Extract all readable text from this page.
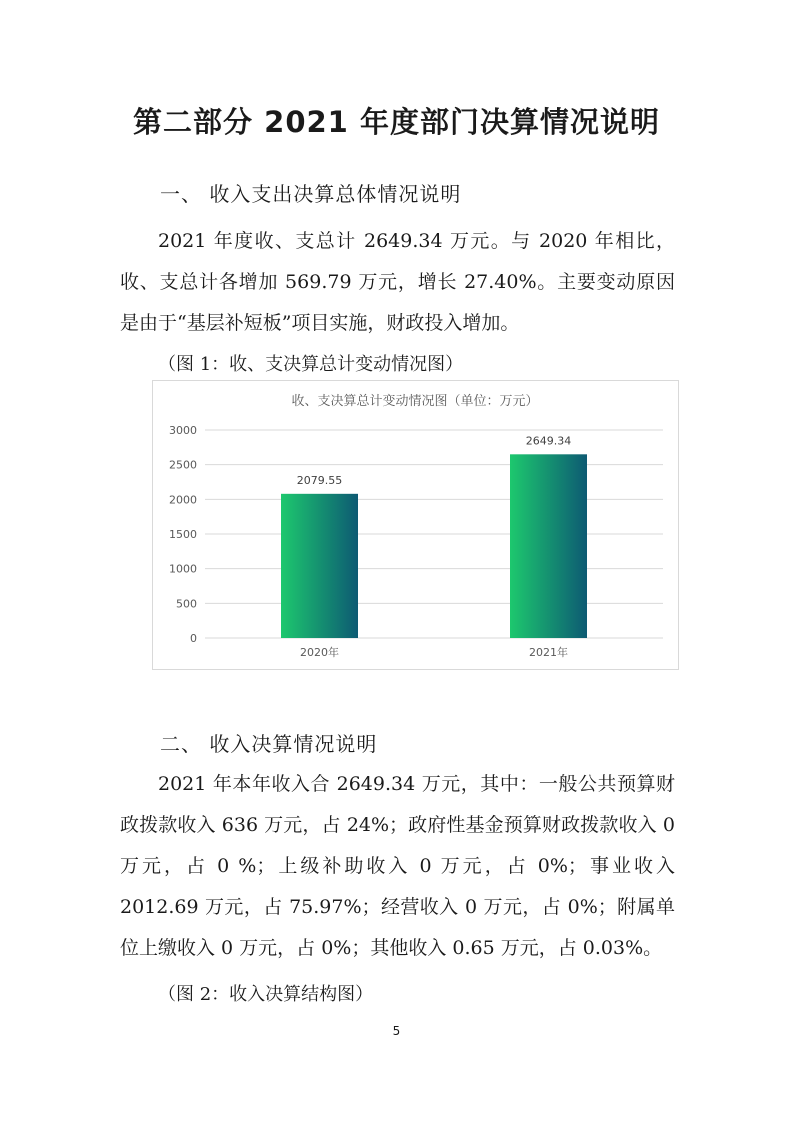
第二部分 2021 年度部门决算情况说明
一、 收入支出决算总体情况说明

2021 年度收、支总计 2649.34 万元。与 2020 年相比，收、支总计各增加 569.79 万元，增长 27.40%。主要变动原因是由于“基层补短板”项目实施，财政投入增加。

（图 1：收、支决算总计变动情况图）
收、支决算总计变动情况图（单位：万元）
0
500
1000
1500
2000
2500
3000
2079.55
2020年
2649.34
2021年
二、 收入决算情况说明

2021 年本年收入合 2649.34 万元，其中：一般公共预算财政拨款收入 636 万元，占 24%；政府性基金预算财政拨款收入 0 万元，占 0 %；上级补助收入 0 万元，占 0%；事业收入 2012.69 万元，占 75.97%；经营收入 0 万元，占 0%；附属单位上缴收入 0 万元，占 0%；其他收入 0.65 万元，占 0.03%。

（图 2：收入决算结构图）
5
